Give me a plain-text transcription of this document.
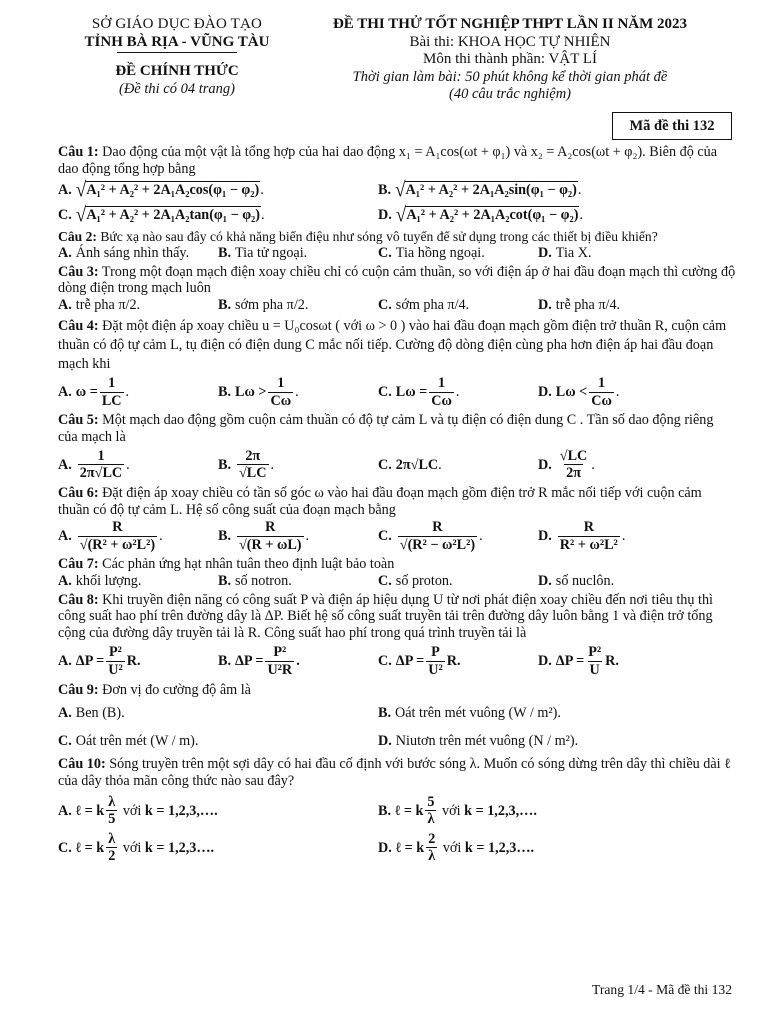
SỞ GIÁO DỤC ĐÀO TẠO
TỈNH BÀ RỊA - VŨNG TÀU
ĐỀ CHÍNH THỨC
(Đề thi có 04 trang)
ĐỀ THI THỬ TỐT NGHIỆP THPT LẦN II NĂM 2023
Bài thi: KHOA HỌC TỰ NHIÊN
Môn thi thành phần: VẬT LÍ
Thời gian làm bài: 50 phút không kể thời gian phát đề
(40 câu trắc nghiệm)
Mã đề thi 132
Câu 1: Dao động của một vật là tổng hợp của hai dao động x₁ = A₁cos(ωt + φ₁) và x₂ = A₂cos(ωt + φ₂). Biên độ của dao động tổng hợp bằng
A. √ A₁² + A₂² + 2A₁A₂cos(φ₁ − φ₂) .	B. √ A₁² + A₂² + 2A₁A₂sin(φ₁ − φ₂) .
C. √ A₁² + A₂² + 2A₁A₂tan(φ₁ − φ₂) .	D. √ A₁² + A₂² + 2A₁A₂cot(φ₁ − φ₂) .
Câu 2: Bức xạ nào sau đây có khả năng biến điệu như sóng vô tuyến để sử dụng trong các thiết bị điều khiển?
A. Ánh sáng nhìn thấy. B. Tia tử ngoại.	C. Tia hồng ngoại.	D. Tia X.
Câu 3: Trong một đoạn mạch điện xoay chiều chỉ có cuộn cảm thuần, so với điện áp ở hai đầu đoạn mạch thì cường độ dòng điện trong mạch luôn
A. trễ pha π/2.	B. sớm pha π/2.	C. sớm pha π/4.	D. trễ pha π/4.
Câu 4: Đặt một điện áp xoay chiều u = U₀cosωt ( với ω > 0 ) vào hai đầu đoạn mạch gồm điện trở thuần R, cuộn cảm thuần có độ tự cảm L, tụ điện có điện dung C mắc nối tiếp. Cường độ dòng điện cùng pha hơn điện áp hai đầu đoạn mạch khi
A. $\omega = \frac{1}{LC}$ .	B. $L\omega > \frac{1}{C\omega}$ .	C. $L\omega = \frac{1}{C\omega}$ .	D. $L\omega < \frac{1}{C\omega}$ .
Câu 5: Một mạch dao động gồm cuộn cảm thuần có độ tự cảm L và tụ điện có điện dung C . Tần số dao động riêng của mạch là
A. $\frac{1}{2\pi√LC}$ .	B. $\frac{2\pi}{√LC}$ .	C. 2π√LC .	D. $\frac{√LC}{2\pi}$ .
Câu 6: Đặt điện áp xoay chiều có tần số góc ω vào hai đầu đoạn mạch gồm điện trở R mắc nối tiếp với cuộn cảm thuần có độ tự cảm L. Hệ số công suất của đoạn mạch bằng
A. $\frac{R}{\text{√(R² + ω²L²)}}$ .	B. $\frac{R}{√(R + \omega L)}$ .	C. $\frac{R}{\text{√(R² − ω²L²)}}$ .	D. $\frac{R}{\text{R² + ω²L²}}$ .
Câu 7: Các phản ứng hạt nhân tuân theo định luật bảo toàn
A. khối lượng.	B. số notron.	C. số proton.	D. số nuclôn.
Câu 8: Khi truyền điện năng có công suất P và điện áp hiệu dụng U từ nơi phát điện xoay chiều đến nơi tiêu thụ thì công suất hao phí trên đường dây là ΔP. Biết hệ số công suất truyền tải trên đường dây luôn bằng 1 và điện trở tổng cộng của đường dây truyền tải là R. Công suất hao phí trong quá trình truyền tải là
A. $\Delta P = \frac{\text{P²}}{\text{U²}} R$.	B. $\Delta P = \frac{\text{P²}}{\text{U²R}}$ .	C. $\Delta P = \frac{P}{\text{U²}} R$.	D. $\Delta P = \frac{\text{P²}}{U} R$.
Câu 9: Đơn vị đo cường độ âm là
A. Ben (B).	B. Oát trên mét vuông (W / m²).
C. Oát trên mét (W / m).	D. Niutơn trên mét vuông (N / m²).
Câu 10: Sóng truyền trên một sợi dây có hai đầu cố định với bước sóng λ. Muốn có sóng dừng trên dây thì chiều dài ℓ của dây thỏa mãn công thức nào sau đây?
A. ℓ = k $\frac{\lambda}{5}$
với
k = 1,2,3,….	B. ℓ = k $\frac{5}{\lambda}$
với
k = 1,2,3,….
C. ℓ = k $\frac{\lambda}{2}$
với
k = 1,2,3….	D. ℓ = k $\frac{2}{\lambda}$
với
k = 1,2,3….
Trang 1/4 - Mã đề thi 132
